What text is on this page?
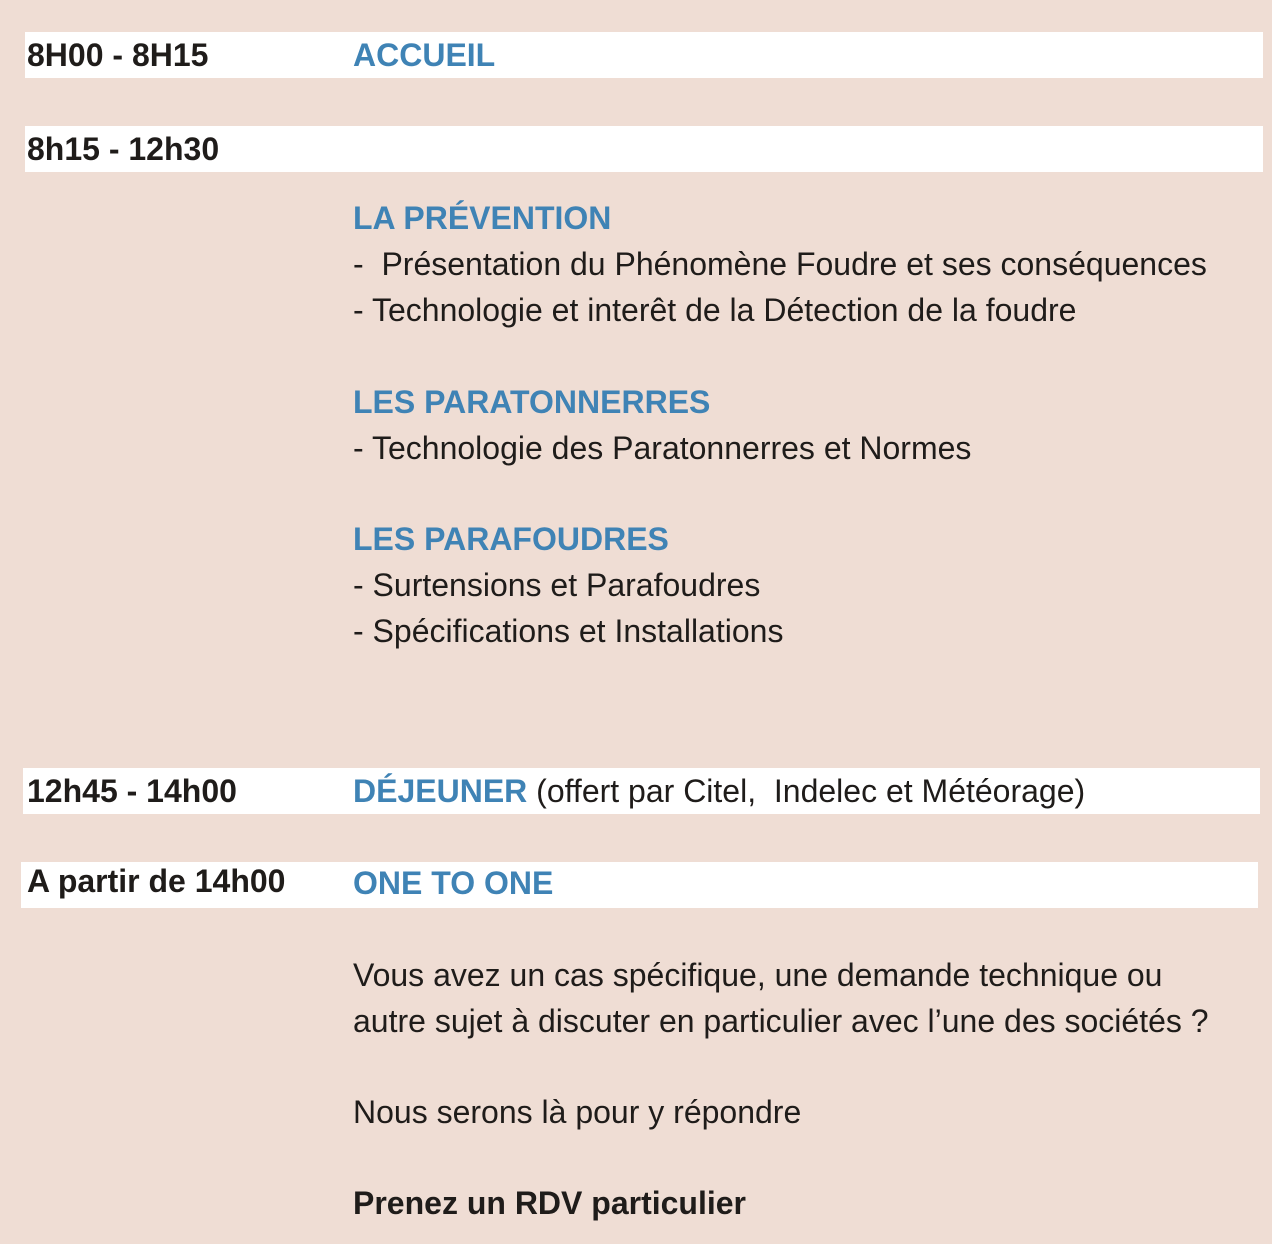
8H00 - 8H15	ACCUEIL
8h15 - 12h30
LA PRÉVENTION
-  Présentation du Phénomène Foudre et ses conséquences
- Technologie et interêt de la Détection de la foudre
LES PARATONNERRES
- Technologie des Paratonnerres et Normes
LES PARAFOUDRES
- Surtensions et Parafoudres
- Spécifications et Installations
12h45 - 14h00	DÉJEUNER (offert par Citel,  Indelec et Météorage)
A partir de 14h00 ONE TO ONE
Vous avez un cas spécifique, une demande technique ou
autre sujet à discuter en particulier avec l’une des sociétés ?
Nous serons là pour y répondre
Prenez un RDV particulier
